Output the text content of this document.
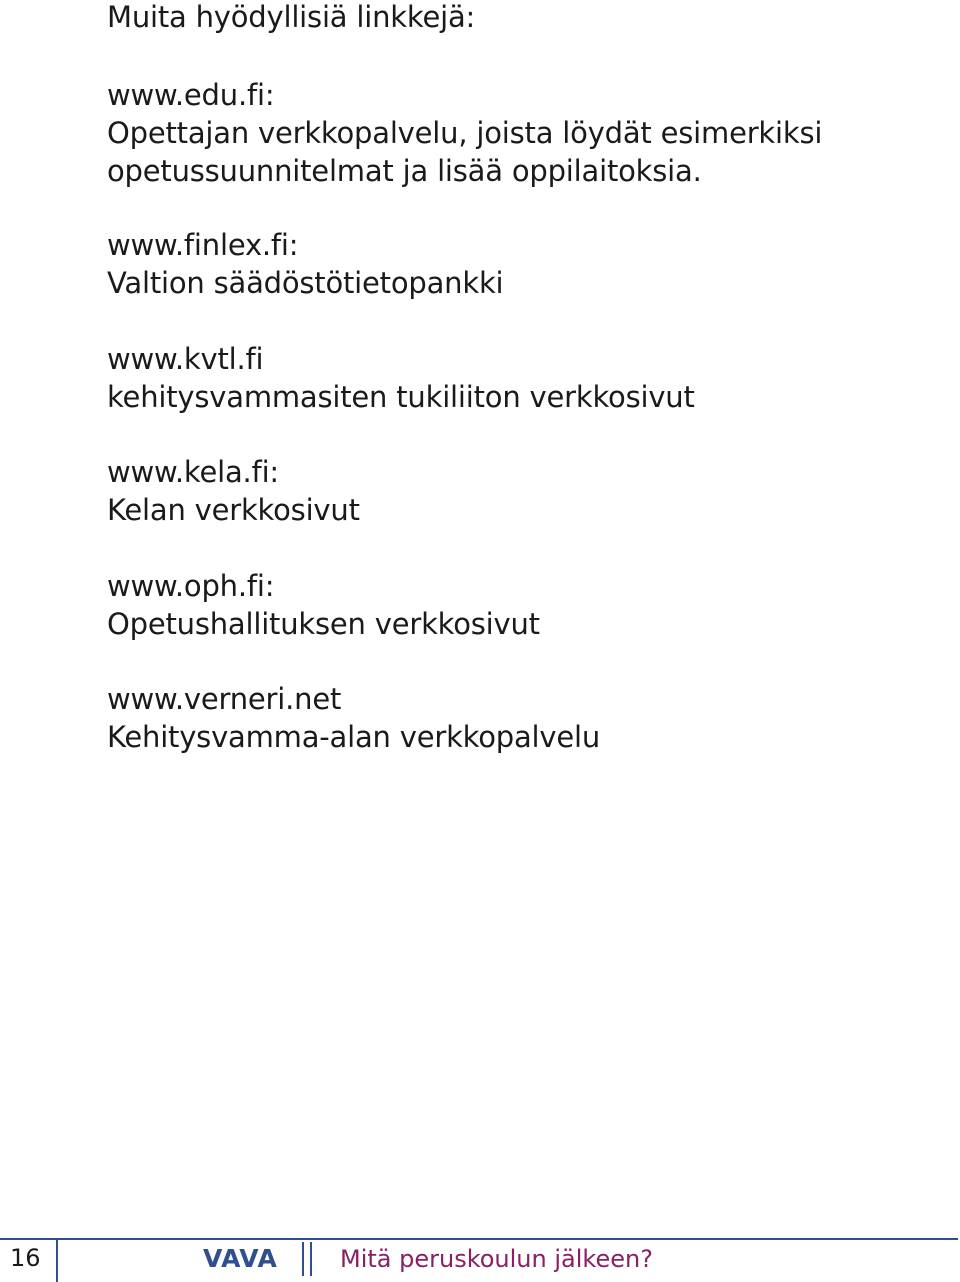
Muita hyödyllisiä linkkejä:

www.edu.fi:

Opettajan verkkopalvelu, joista löydät esimerkiksi

opetussuunnitelmat ja lisää oppilaitoksia.

www.finlex.fi:

Valtion säädöstötietopankki

www.kvtl.fi

kehitysvammasiten tukiliiton verkkosivut

www.kela.fi:

Kelan verkkosivut

www.oph.fi:

Opetushallituksen verkkosivut

www.verneri.net

Kehitysvamma-alan verkkopalvelu

16	VAVA	Mitä peruskoulun jälkeen?
